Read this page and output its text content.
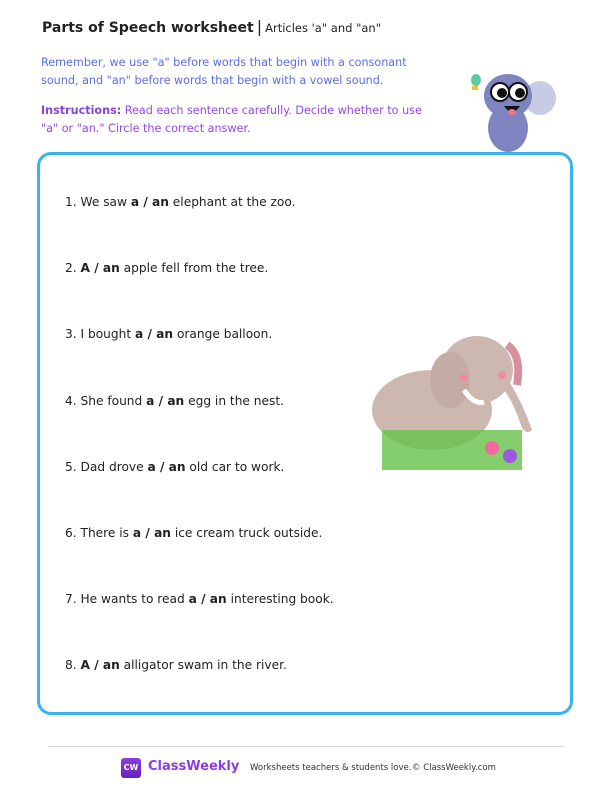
Parts of Speech worksheet | Articles 'a" and "an"
Remember, we use "a" before words that begin with a consonant sound, and "an" before words that begin with a vowel sound.
Instructions: Read each sentence carefully. Decide whether to use "a" or "an." Circle the correct answer.
1. We saw a / an elephant at the zoo.
2. A / an apple fell from the tree.
3. I bought a / an orange balloon.
4. She found a / an egg in the nest.
5. Dad drove a / an old car to work.
6. There is a / an ice cream truck outside.
7. He wants to read a / an interesting book.
8. A / an alligator swam in the river.
CW ClassWeekly Worksheets teachers & students love. © ClassWeekly.com
